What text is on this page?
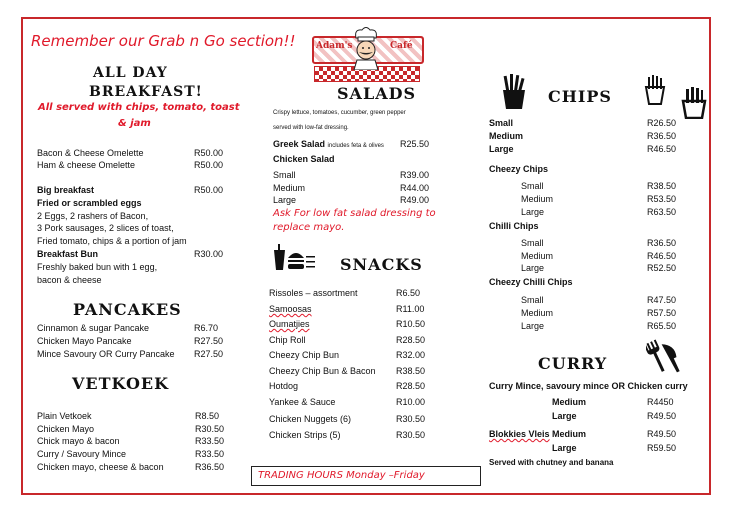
Remember our Grab n Go section!! Adam's	Café
ALL DAY
BREAKFAST!
All served with chips, tomato, toast
& jam
Bacon & Cheese Omelette	R50.00
Ham & cheese Omelette	R50.00
Big breakfast	R50.00
Fried or scrambled eggs
2 Eggs, 2 rashers of Bacon,
3 Pork sausages, 2 slices of toast,
Fried tomato, chips & a portion of jam
Breakfast Bun	R30.00
Freshly baked bun with 1 egg,
bacon & cheese
PANCAKES
Cinnamon & sugar Pancake	R6.70
Chicken Mayo Pancake	R27.50
Mince Savoury OR Curry Pancake R27.50
VETKOEK
Plain Vetkoek	R8.50
Chicken Mayo	R30.50
Chick mayo & bacon	R33.50
Curry / Savoury Mince	R33.50
Chicken mayo, cheese & bacon	R36.50
SALADS
Crispy lettuce, tomatoes, cucumber, green pepper
served with low-fat dressing.
Greek Salad includes feta & olives R25.50
Chicken Salad
Small	R39.00
Medium	R44.00
Large	R49.00
Ask For low fat salad dressing to
replace mayo.
SNACKS
Rissoles – assortment	R6.50
Samoosas	R11.00
Oumatjies	R10.50
Chip Roll	R28.50
Cheezy Chip Bun	R32.00
Cheezy Chip Bun & Bacon R38.50
Hotdog	R28.50
Yankee & Sauce	R10.00
Chicken Nuggets (6)	R30.50
Chicken Strips (5)	R30.50
TRADING HOURS Monday –Friday
CHIPS
Small	R26.50
Medium	R36.50
Large	R46.50
Cheezy Chips
Small	R38.50
Medium	R53.50
Large	R63.50
Chilli Chips
Small	R36.50
Medium	R46.50
Large	R52.50
Cheezy Chilli Chips
Small	R47.50
Medium	R57.50
Large	R65.50
CURRY
Curry Mince, savoury mince OR Chicken curry
Medium	R4450
Large	R49.50
Blokkies Vleis Medium	R49.50
Large	R59.50
Served with chutney and banana
